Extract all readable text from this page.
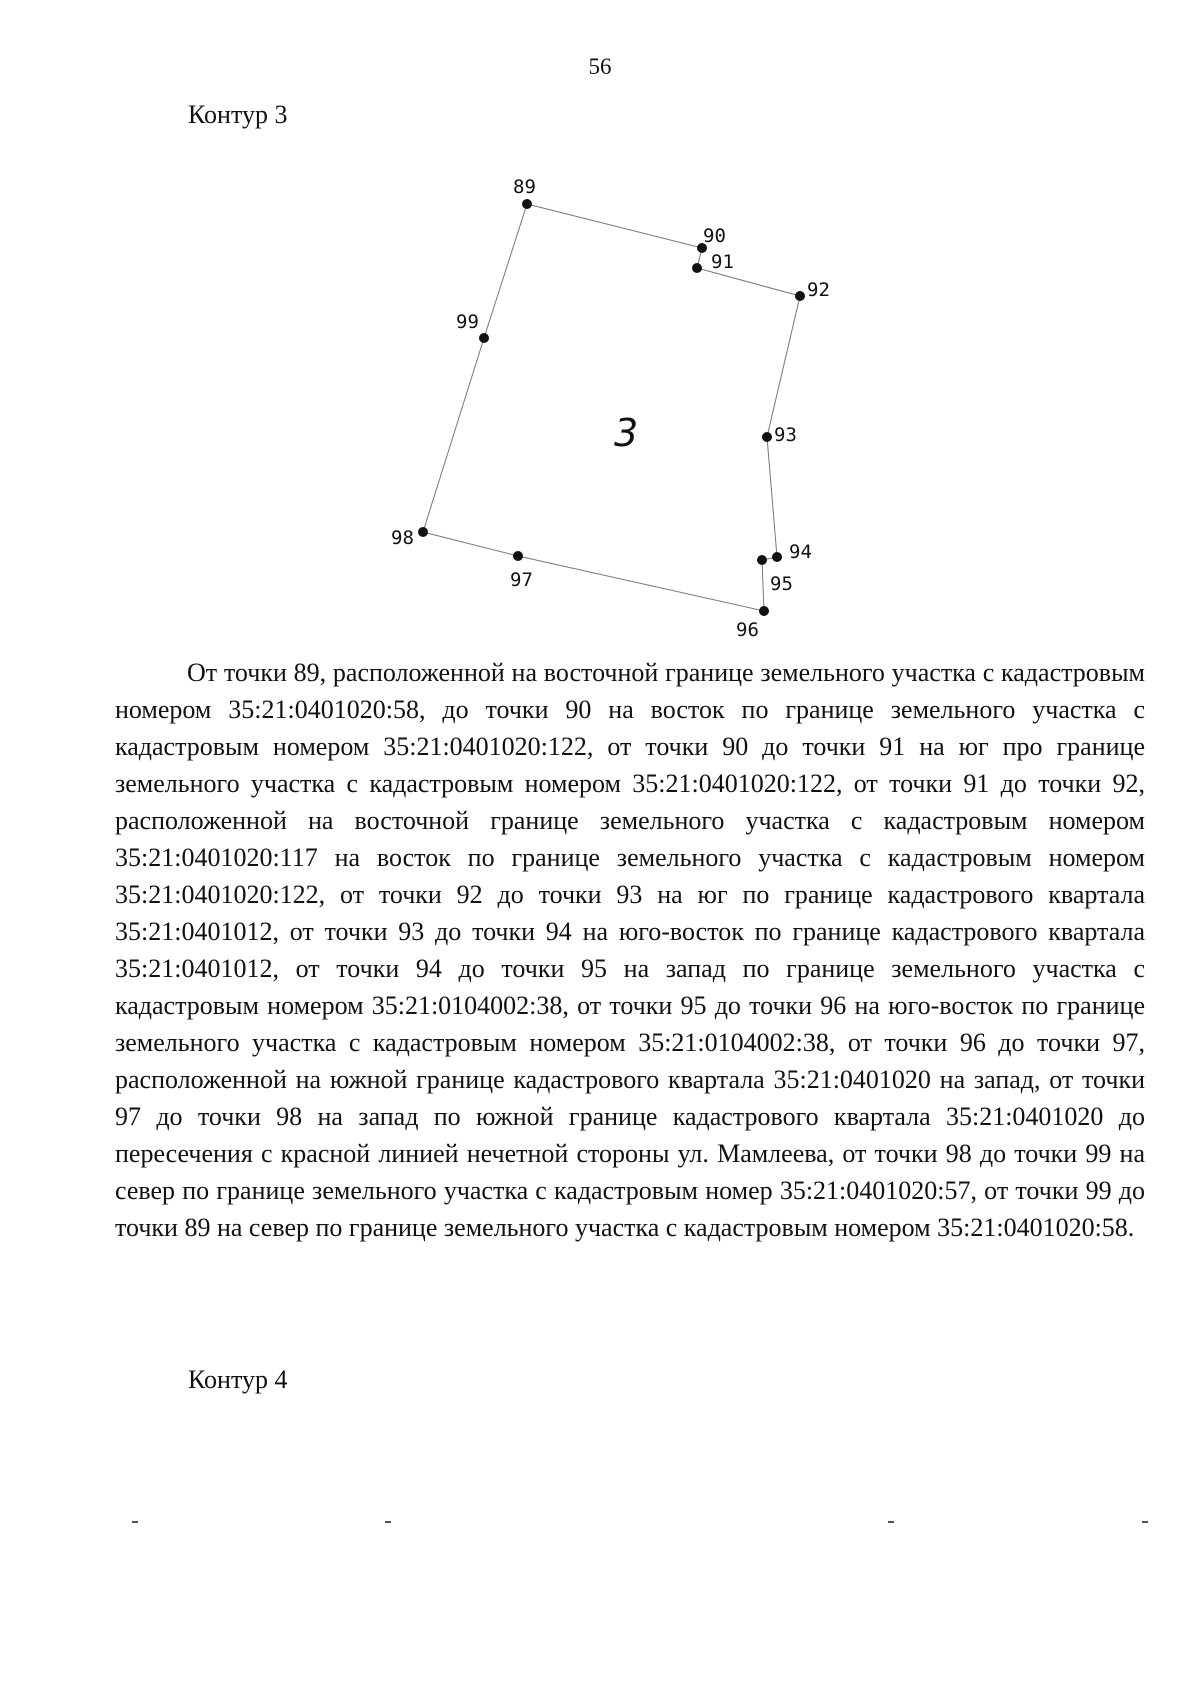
56
Контур 3
89
90
91
92
93
94
95
96
97
98
99
3

От точки 89, расположенной на восточной границе земельного участка с кадастровым номером 35:21:0401020:58, до точки 90 на восток по границе земельного участка с кадастровым номером 35:21:0401020:122, от точки 90 до точки 91 на юг про границе земельного участка с кадастровым номером 35:21:0401020:122, от точки 91 до точки 92, расположенной на восточной границе земельного участка с кадастровым номером 35:21:0401020:117 на восток по границе земельного участка с кадастровым номером 35:21:0401020:122, от точки 92 до точки 93 на юг по границе кадастрового квартала 35:21:0401012, от точки 93 до точки 94 на юго-восток по границе кадастрового квартала 35:21:0401012, от точки 94 до точки 95 на запад по границе земельного участка с кадастровым номером 35:21:0104002:38, от точки 95 до точки 96 на юго-восток по границе земельного участка с кадастровым номером 35:21:0104002:38, от точки 96 до точки 97, расположенной на южной границе кадастрового квартала 35:21:0401020 на запад, от точки 97 до точки 98 на запад по южной границе кадастрового квартала 35:21:0401020 до пересечения с красной линией нечетной стороны ул. Мамлеева, от точки 98 до точки 99 на север по границе земельного участка с кадастровым номер 35:21:0401020:57, от точки 99 до точки 89 на север по границе земельного участка с кадастровым номером 35:21:0401020:58.

Контур 4
